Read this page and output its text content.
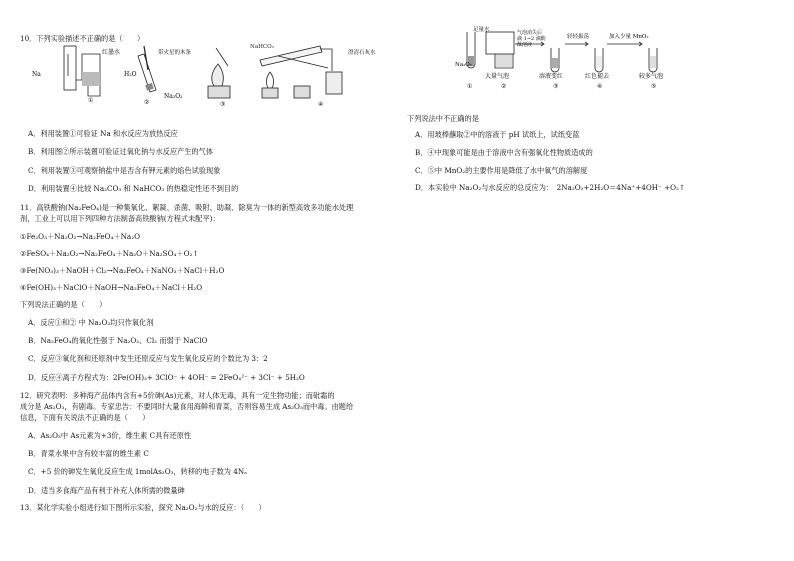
10．下列实验描述不正确的是（　　）
Na
红墨水
①
H₂O
带火星的木条
Na₂O₂
②	③
NaHCO₃
澄清石灰水
④
A．利用装置①可验证 Na 和水反应为放热反应
B．利用图②所示装置可验证过氧化钠与水反应产生的气体
C．利用装置③可观察钠盐中是否含有钾元素的焰色试验现象
D．利用装置④比较 Na₂CO₃ 和 NaHCO₃ 的热稳定性还不到目的
11．高铁酸钠(Na₂FeO₄)是一种集氧化、絮凝、杀菌、吸附、助凝、除臭为一体的新型高效多功能水处理
剂，工业上可以用下列四种方法制备高铁酸钠(方程式未配平)：
①Fe₂O₃＋Na₂O₂→Na₂FeO₄＋Na₂O
②FeSO₄＋Na₂O₂→Na₂FeO₄＋Na₂O＋Na₂SO₄＋O₂↑
③Fe(NO₃)₃＋NaOH＋Cl₂→Na₂FeO₄＋NaNO₃＋NaCl＋H₂O
④Fe(OH)₃＋NaClO＋NaOH→Na₂FeO₄＋NaCl＋H₂O
下列说法正确的是（　　）
A．反应①和② 中 Na₂O₂均只作氧化剂
B．Na₂FeO₄的氧化性强于 Na₂O₂、Cl₂ 而弱于 NaClO
C．反应③氧化剂和还原剂中发生还原反应与发生氧化反应的个数比为 3：2
D．反应④离子方程式为：2Fe(OH)₃+ 3ClO⁻ + 4OH⁻ = 2FeO₄²⁻ + 3Cl⁻ + 5H₂O
12．研究表明：多种海产品体内含有+5价砷(As)元素，对人体无毒，具有一定生物功能；而砒霜的
成分是 As₂O₃，有剧毒。专家忠告：不要同时大量食用海鲜和青菜，否则容易生成 As₂O₃而中毒。由题给
信息，下面有关说法不正确的是（　　）
A．As₂O₃中 As元素为+3价，维生素 C具有还原性
B．青菜水果中含有较丰富的维生素 C
C．+5 价的砷发生氧化反应生成 1molAs₂O₃，转移的电子数为 4Nₐ
D．适当多食海产品有利于补充人体所需的微量砷
13．某化学实验小组进行如下图所示实验，探究 Na₂O₂与水的反应：（　　）
足量水	气泡消失后滴 1~2 滴酚酞溶液
轻轻振荡	加入少量 MnO₂
Na₂O₂
大量气泡	溶液变红	红色褪去	较多气泡
①	②	③	④	⑤
下列说法中不正确的是
A．用玻棒蘸取②中的溶液于 pH 试纸上，试纸变蓝
B．④中现象可能是由于溶液中含有强氧化性物质造成的
C．⑤中 MnO₂的主要作用是降低了水中氧气的溶解度
D．本实验中 Na₂O₂与水反应的总反应为：　2Na₂O₂+2H₂O＝4Na⁺+4OH⁻ +O₂↑
